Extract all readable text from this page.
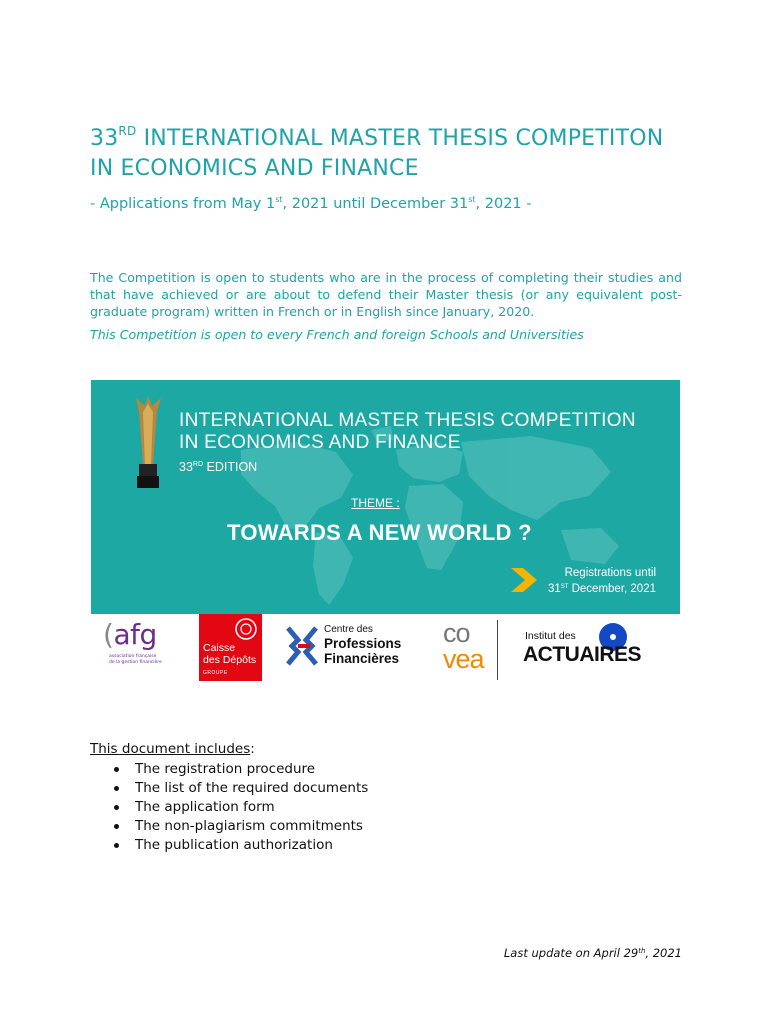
33RD INTERNATIONAL MASTER THESIS COMPETITON
IN ECONOMICS AND FINANCE

- Applications from May 1st, 2021 until December 31st, 2021 -

The Competition is open to students who are in the process of completing their studies and that have achieved or are about to defend their Master thesis (or any equivalent post-graduate program) written in French or in English since January, 2020.

This Competition is open to every French and foreign Schools and Universities

INTERNATIONAL MASTER THESIS COMPETITION
IN ECONOMICS AND FINANCE
33RD EDITION
THEME :
TOWARDS A NEW WORLD ?
Registrations until
31ST December, 2021
(afg
association française
de la gestion financière
Caisse
des Dépôts
GROUPE
Centre des
Professions
Financières
co
vea
Institut des
ACTUAIRES

This document includes:

The registration procedure
The list of the required documents
The application form
The non-plagiarism commitments
The publication authorization

Last update on April 29th, 2021
